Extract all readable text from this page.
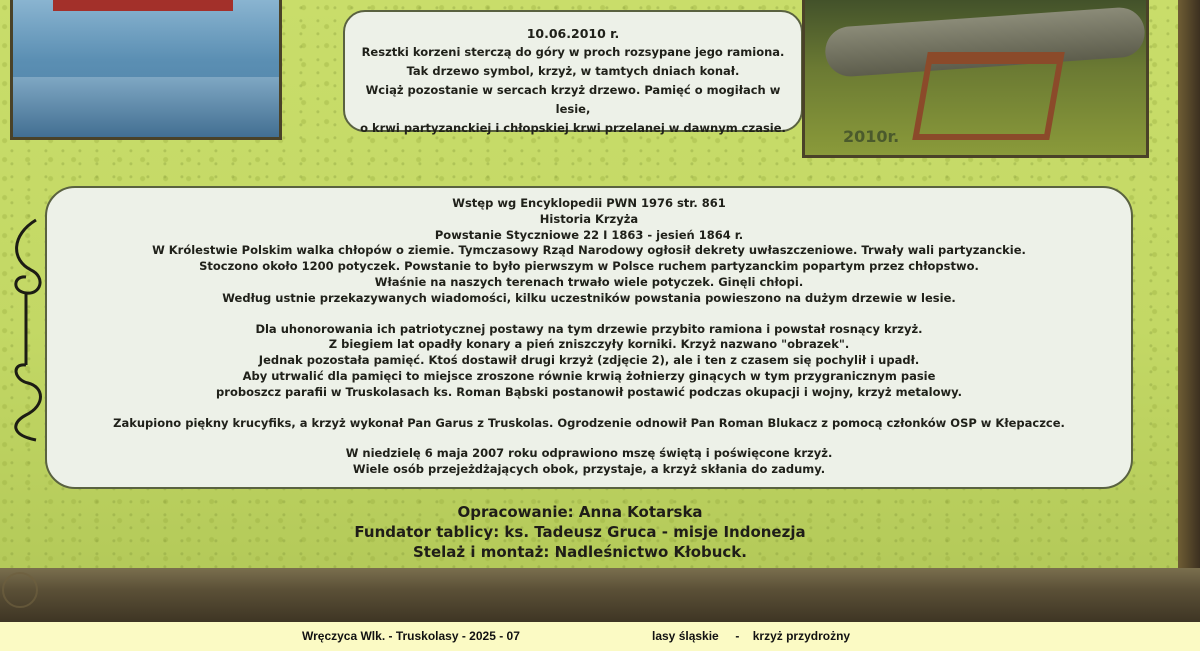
10.06.2010 r.
Resztki korzeni sterczą do góry w proch rozsypane jego ramiona.
Tak drzewo symbol, krzyż, w tamtych dniach konał.
Wciąż pozostanie w sercach krzyż drzewo. Pamięć o mogiłach w lesie,
o krwi partyzanckiej i chłopskiej krwi przelanej w dawnym czasie.	2010r.
Wstęp wg Encyklopedii PWN 1976 str. 861
Historia Krzyża
Powstanie Styczniowe 22 I 1863 - jesień 1864 r.
W Królestwie Polskim walka chłopów o ziemie. Tymczasowy Rząd Narodowy ogłosił dekrety uwłaszczeniowe. Trwały wali partyzanckie.
Stoczono około 1200 potyczek. Powstanie to było pierwszym w Polsce ruchem partyzanckim popartym przez chłopstwo.
Właśnie na naszych terenach trwało wiele potyczek. Ginęli chłopi.
Według ustnie przekazywanych wiadomości, kilku uczestników powstania powieszono na dużym drzewie w lesie.
Dla uhonorowania ich patriotycznej postawy na tym drzewie przybito ramiona i powstał rosnący krzyż.
Z biegiem lat opadły konary a pień zniszczyły korniki. Krzyż nazwano "obrazek".
Jednak pozostała pamięć. Ktoś dostawił drugi krzyż (zdjęcie 2), ale i ten z czasem się pochylił i upadł.
Aby utrwalić dla pamięci to miejsce zroszone równie krwią żołnierzy ginących w tym przygranicznym pasie
proboszcz parafii w Truskolasach ks. Roman Bąbski postanowił postawić podczas okupacji i wojny, krzyż metalowy.
Zakupiono piękny krucyfiks, a krzyż wykonał Pan Garus z Truskolas. Ogrodzenie odnowił Pan Roman Blukacz z pomocą członków OSP w Kłepaczce.
W niedzielę 6 maja 2007 roku odprawiono mszę świętą i poświęcone krzyż.
Wiele osób przejeżdżających obok, przystaje, a krzyż skłania do zadumy.
Opracowanie: Anna Kotarska
Fundator tablicy: ks. Tadeusz Gruca - misje Indonezja
Stelaż i montaż: Nadleśnictwo Kłobuck.
Wręczyca Wlk. - Truskolasy - 2025 - 07	lasy śląskie     -    krzyż przydrożny
